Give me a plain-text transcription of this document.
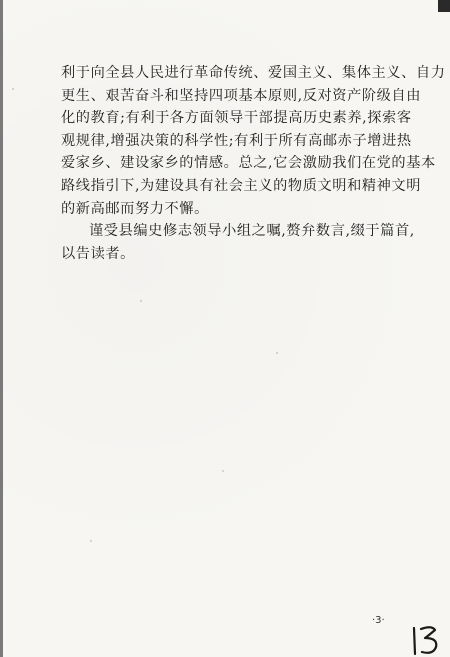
利于向全县人民进行革命传统、爱国主义、集体主义、自力
更生、艰苦奋斗和坚持四项基本原则,反对资产阶级自由
化的教育;有利于各方面领导干部提高历史素养,探索客
观规律,增强决策的科学性;有利于所有高邮赤子增进热
爱家乡、建设家乡的情感。总之,它会激励我们在党的基本
路线指引下,为建设具有社会主义的物质文明和精神文明
的新高邮而努力不懈。

谨受县编史修志领导小组之嘱,赘弁数言,缀于篇首,
以告读者。

·3·
